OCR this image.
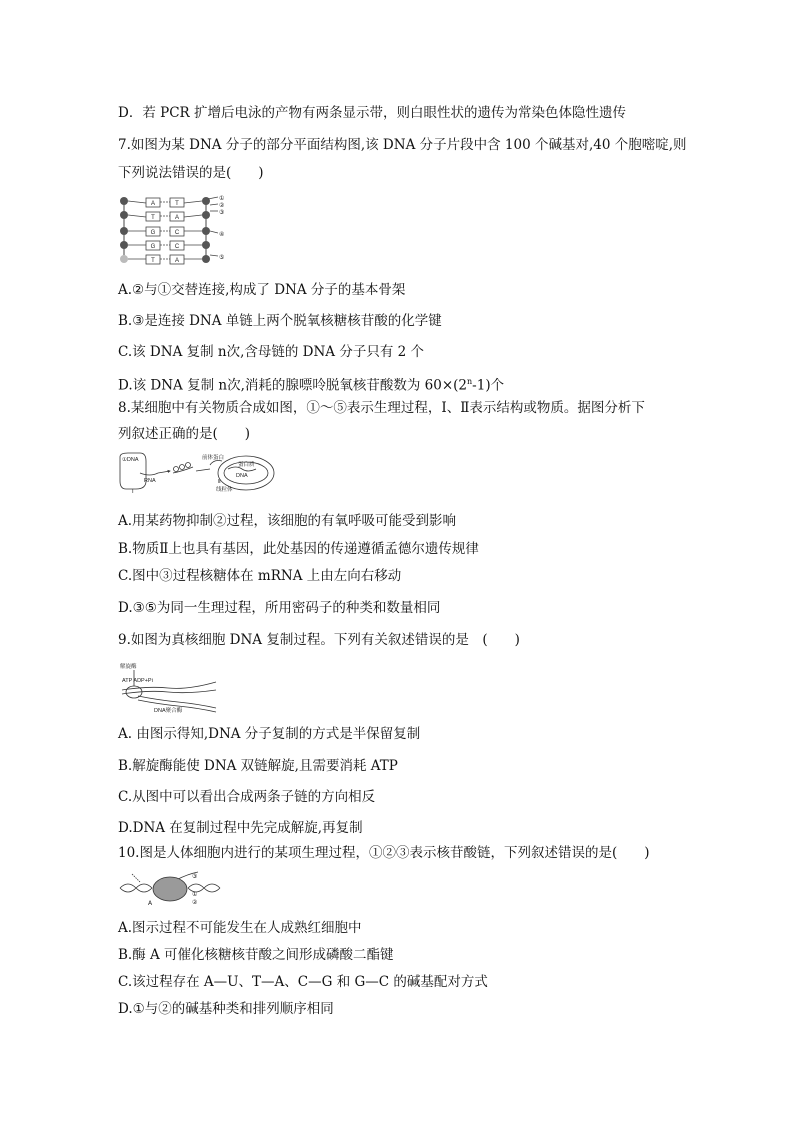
D．若 PCR 扩增后电泳的产物有两条显示带，则白眼性状的遗传为常染色体隐性遗传
7.如图为某 DNA 分子的部分平面结构图,该 DNA 分子片段中含 100 个碱基对,40 个胞嘧啶,则
下列说法错误的是(　　)
A
T
G
G
T
T
A
C
C
A
①
②
③
④
⑤
A.②与①交替连接,构成了 DNA 分子的基本骨架
B.③是连接 DNA 单链上两个脱氧核糖核苷酸的化学键
C.该 DNA 复制 n次,含母链的 DNA 分子只有 2 个
D.该 DNA 复制 n次,消耗的腺嘌呤脱氧核苷酸数为 $60\times(2^n-1)$个
8.某细胞中有关物质合成如图，①～⑤表示生理过程，Ⅰ、Ⅱ表示结构或物质。据图分析下
列叙述正确的是(　　)
①DNA
RNA
Ⅰ
前体蛋白
蛋白质
DNA
Ⅱ
线粒体
A.用某药物抑制②过程，该细胞的有氧呼吸可能受到影响
B.物质Ⅱ上也具有基因，此处基因的传递遵循孟德尔遗传规律
C.图中③过程核糖体在 mRNA 上由左向右移动
D.③⑤为同一生理过程，所用密码子的种类和数量相同
9.如图为真核细胞 DNA 复制过程。下列有关叙述错误的是　(　　)
解旋酶
ATP ADP+Pi
DNA聚合酶
A. 由图示得知,DNA 分子复制的方式是半保留复制
B.解旋酶能使 DNA 双链解旋,且需要消耗 ATP
C.从图中可以看出合成两条子链的方向相反
D.DNA 在复制过程中先完成解旋,再复制
10.图是人体细胞内进行的某项生理过程，①②③表示核苷酸链，下列叙述错误的是(　　)
A
③
①
②
A.图示过程不可能发生在人成熟红细胞中
B.酶 A 可催化核糖核苷酸之间形成磷酸二酯键
C.该过程存在 A—U、T—A、C—G 和 G—C 的碱基配对方式
D.①与②的碱基种类和排列顺序相同
